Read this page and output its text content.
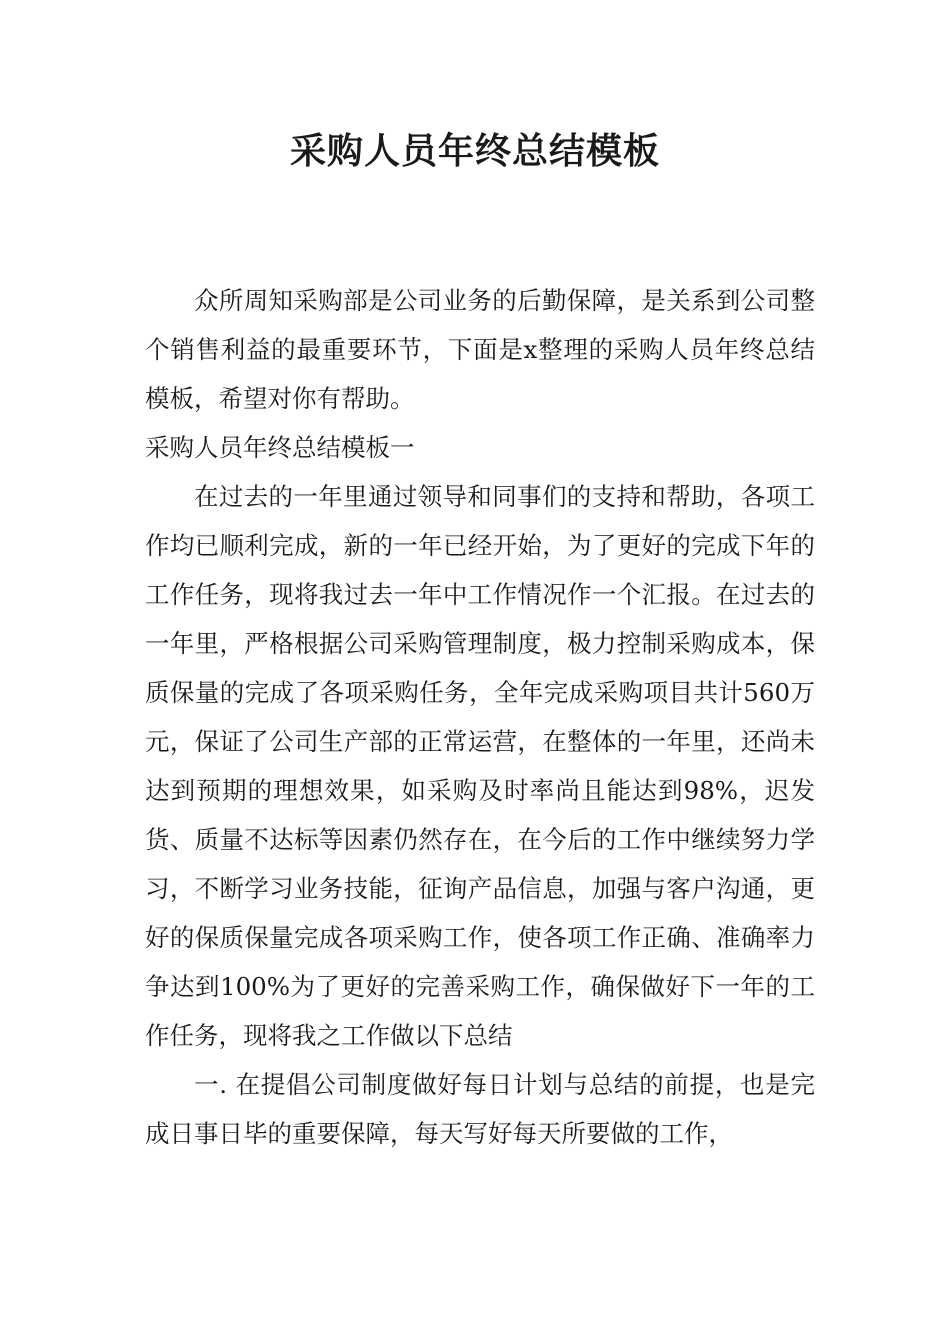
采购人员年终总结模板

众所周知采购部是公司业务的后勤保障，是关系到公司整个销售利益的最重要环节，下面是x整理的采购人员年终总结模板，希望对你有帮助。

采购人员年终总结模板一

在过去的一年里通过领导和同事们的支持和帮助，各项工作均已顺利完成，新的一年已经开始，为了更好的完成下年的工作任务，现将我过去一年中工作情况作一个汇报。在过去的一年里，严格根据公司采购管理制度，极力控制采购成本，保质保量的完成了各项采购任务，全年完成采购项目共计560万元，保证了公司生产部的正常运营，在整体的一年里，还尚未达到预期的理想效果，如采购及时率尚且能达到98%，迟发货、质量不达标等因素仍然存在，在今后的工作中继续努力学习，不断学习业务技能，征询产品信息，加强与客户沟通，更好的保质保量完成各项采购工作，使各项工作正确、准确率力争达到100%为了更好的完善采购工作，确保做好下一年的工作任务，现将我之工作做以下总结

一. 在提倡公司制度做好每日计划与总结的前提，也是完成日事日毕的重要保障，每天写好每天所要做的工作，
